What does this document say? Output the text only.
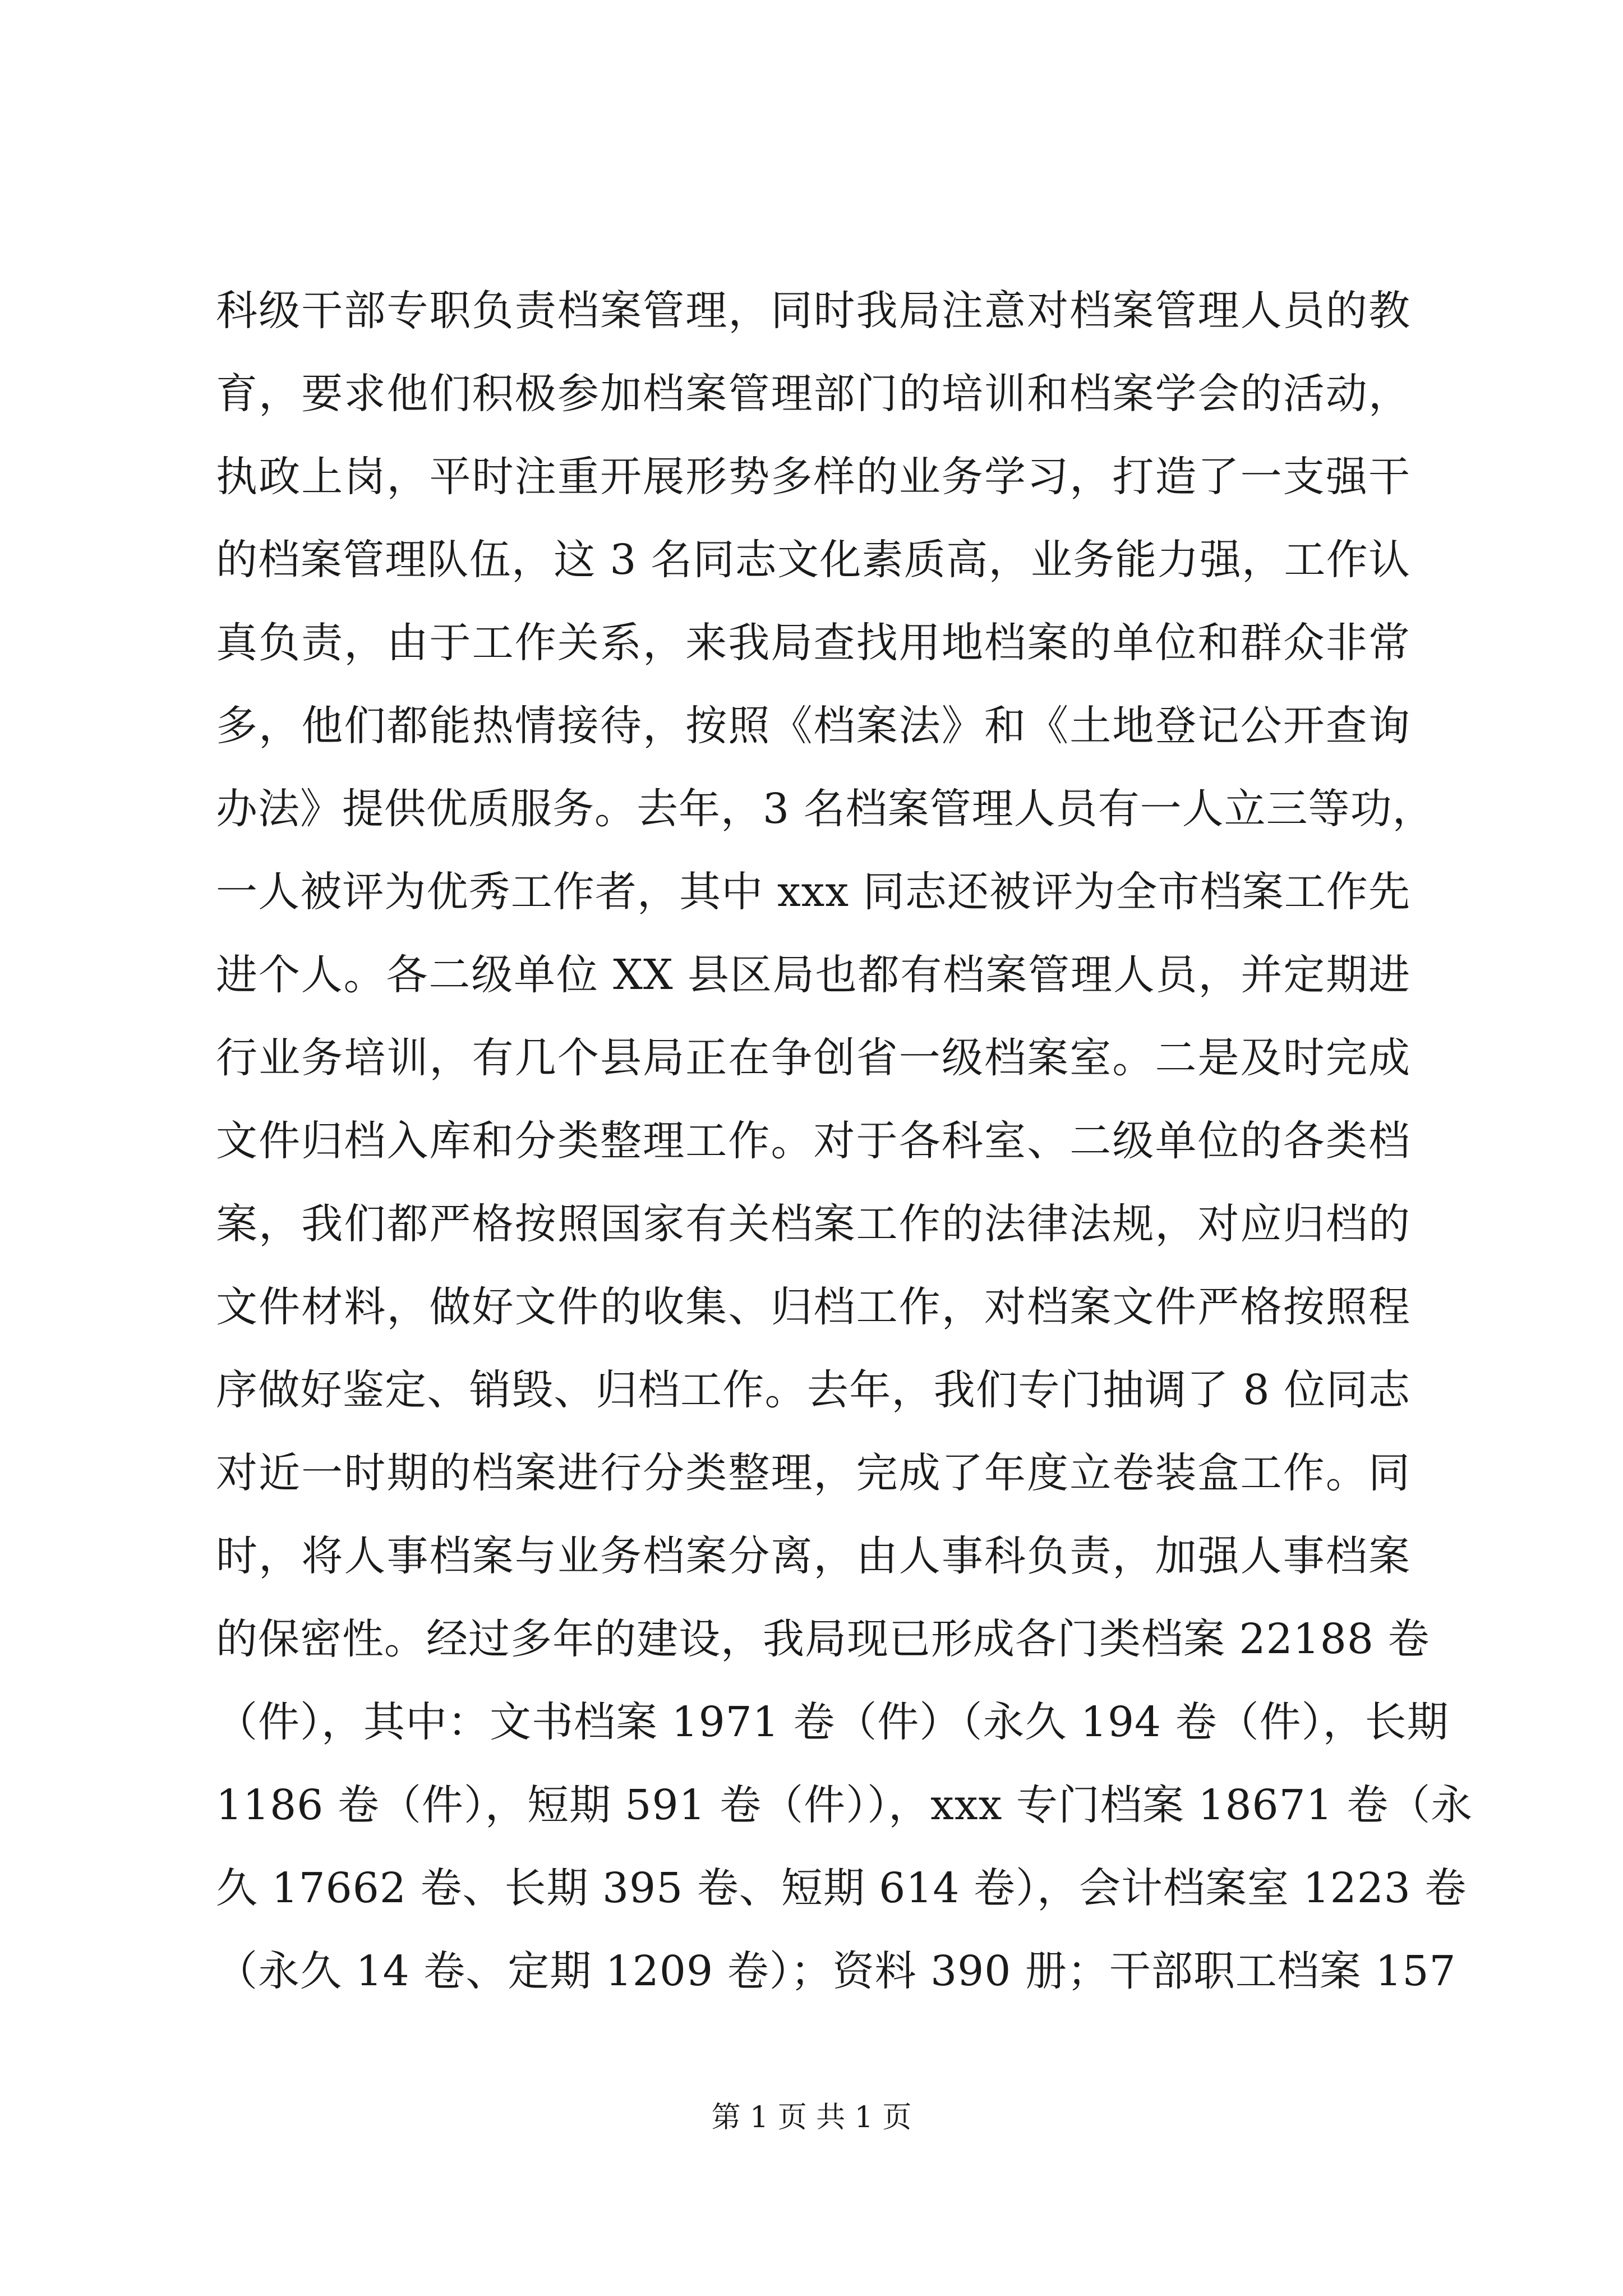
科级干部专职负责档案管理，同时我局注意对档案管理人员的教
育，要求他们积极参加档案管理部门的培训和档案学会的活动，
执政上岗，平时注重开展形势多样的业务学习，打造了一支强干
的档案管理队伍，这 3 名同志文化素质高，业务能力强，工作认
真负责，由于工作关系，来我局查找用地档案的单位和群众非常
多，他们都能热情接待，按照《档案法》和《土地登记公开查询
办法》提供优质服务。去年，3 名档案管理人员有一人立三等功，
一人被评为优秀工作者，其中 xxx 同志还被评为全市档案工作先
进个人。各二级单位 XX 县区局也都有档案管理人员，并定期进
行业务培训，有几个县局正在争创省一级档案室。二是及时完成
文件归档入库和分类整理工作。对于各科室、二级单位的各类档
案，我们都严格按照国家有关档案工作的法律法规，对应归档的
文件材料，做好文件的收集、归档工作，对档案文件严格按照程
序做好鉴定、销毁、归档工作。去年，我们专门抽调了 8 位同志
对近一时期的档案进行分类整理，完成了年度立卷装盒工作。同
时，将人事档案与业务档案分离，由人事科负责，加强人事档案
的保密性。经过多年的建设，我局现已形成各门类档案 22188 卷
（件），其中：文书档案 1971 卷（件）（永久 194 卷（件），长期
1186 卷（件），短期 591 卷（件）），xxx 专门档案 18671 卷（永
久 17662 卷、长期 395 卷、短期 614 卷），会计档案室 1223 卷
（永久 14 卷、定期 1209 卷）；资料 390 册；干部职工档案 157
第 1 页 共 1 页
